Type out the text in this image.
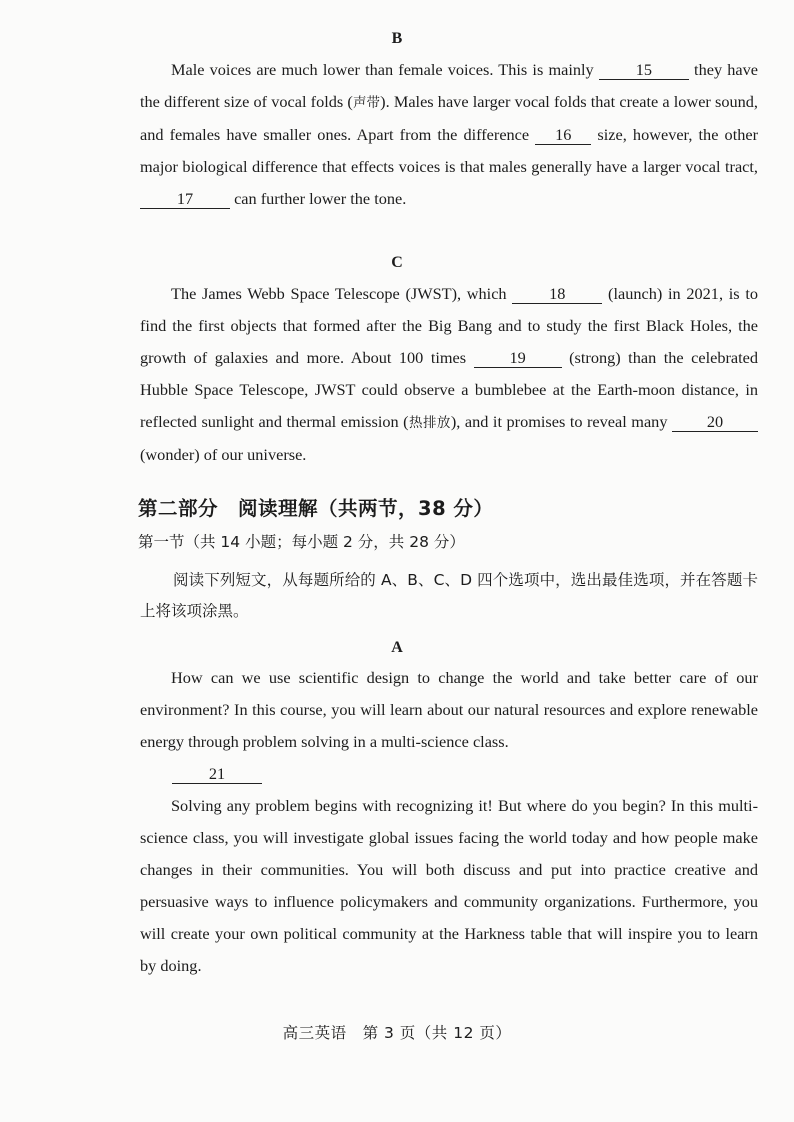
B

Male voices are much lower than female voices. This is mainly 15 they have the different size of vocal folds (声带). Males have larger vocal folds that create a lower sound, and females have smaller ones. Apart from the difference 16 size, however, the other major biological difference that effects voices is that males generally have a larger vocal tract, 17 can further lower the tone.

C

The James Webb Space Telescope (JWST), which 18 (launch) in 2021, is to find the first objects that formed after the Big Bang and to study the first Black Holes, the growth of galaxies and more. About 100 times 19 (strong) than the celebrated Hubble Space Telescope, JWST could observe a bumblebee at the Earth-moon distance, in reflected sunlight and thermal emission (热排放), and it promises to reveal many 20 (wonder) of our universe.

第二部分　阅读理解（共两节，38 分）
第一节（共 14 小题；每小题 2 分，共 28 分）

阅读下列短文，从每题所给的 A、B、C、D 四个选项中，选出最佳选项，并在答题卡上将该项涂黑。

A

How can we use scientific design to change the world and take better care of our environment? In this course, you will learn about our natural resources and explore renewable energy through problem solving in a multi-science class.

21

Solving any problem begins with recognizing it! But where do you begin? In this multi-science class, you will investigate global issues facing the world today and how people make changes in their communities. You will both discuss and put into practice creative and persuasive ways to influence policymakers and community organizations. Furthermore, you will create your own political community at the Harkness table that will inspire you to learn by doing.

高三英语　第 3 页（共 12 页）
